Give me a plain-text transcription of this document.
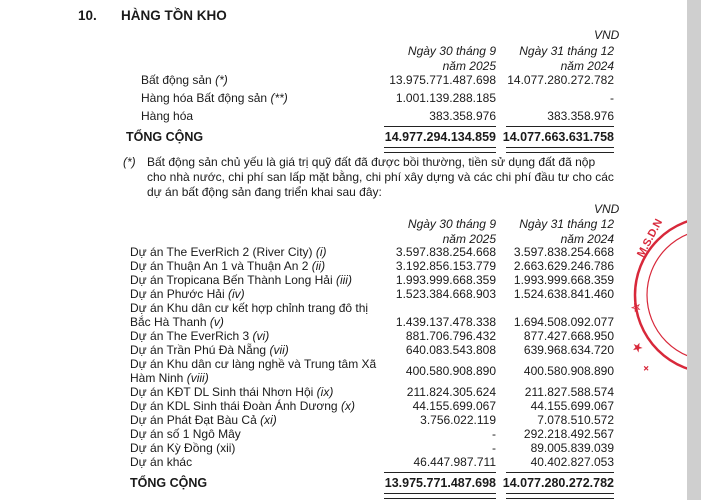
10. HÀNG TỒN KHO
VND
Ngày 30 tháng 9
năm 2025
Ngày 31 tháng 12
năm 2024
Bất động sản (*)	13.975.771.487.698 14.077.280.272.782
Hàng hóa Bất động sản (**)	1.001.139.288.185	-
Hàng hóa	383.358.976	383.358.976
TỔNG CỘNG	14.977.294.134.859 14.077.663.631.758
(*) Bất động sản chủ yếu là giá trị quỹ đất đã được bồi thường, tiền sử dụng đất đã nộp
cho nhà nước, chi phí san lấp mặt bằng, chi phí xây dựng và các chi phí đầu tư cho các
dự án bất động sản đang triển khai sau đây:
VND
Ngày 30 tháng 9
năm 2025
Ngày 31 tháng 12
năm 2024
Dự án The EverRich 2 (River City) (i)	3.597.838.254.668	3.597.838.254.668
Dự án Thuận An 1 và Thuận An 2 (ii)	3.192.856.153.779	2.663.629.246.786
Dự án Tropicana Bến Thành Long Hải (iii)	1.993.999.668.359	1.993.999.668.359
Dự án Phước Hải (iv)	1.523.384.668.903	1.524.638.841.460
Dự án Khu dân cư kết hợp chỉnh trang đô thị
Bắc Hà Thanh (v)	1.439.137.478.338	1.694.508.092.077
Dự án The EverRich 3 (vi)	881.706.796.432	877.427.668.950
Dự án Trần Phú Đà Nẵng (vii)	640.083.543.808	639.968.634.720
Dự án Khu dân cư làng nghề và Trung tâm Xã
Hàm Ninh (viii)	400.580.908.890	400.580.908.890
Dự án KĐT DL Sinh thái Nhơn Hội (ix)	211.824.305.624	211.827.588.574
Dự án KDL Sinh thái Đoàn Ánh Dương (x)	44.155.699.067	44.155.699.067
Dự án Phát Đạt Bàu Cả (xi)	3.756.022.119	7.078.510.572
Dự án số 1 Ngô Mây	-	292.218.492.567
Dự án Kỳ Đồng (xii)	-	89.005.839.039
Dự án khác	46.447.987.711	40.402.827.053
TỔNG CỘNG	13.975.771.487.698 14.077.280.272.782
M.S.D.N
☆
★
+
